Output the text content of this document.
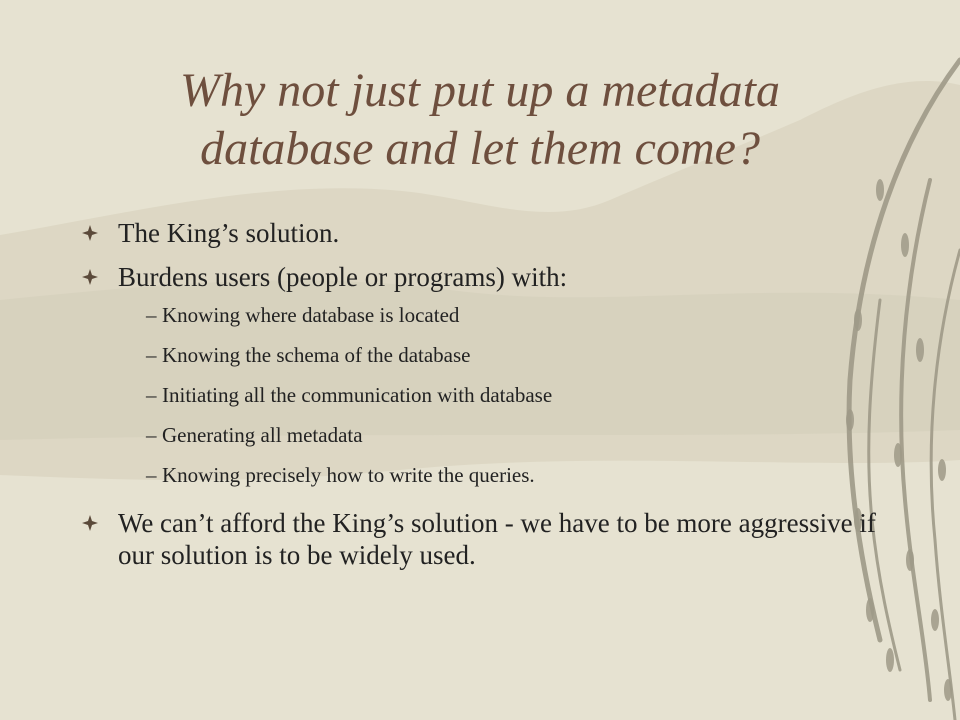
Why not just put up a metadata
database and let them come?
The King’s solution.
Burdens users (people or programs) with:
– Knowing where database is located
– Knowing the schema of the database
– Initiating all the communication with database
– Generating all metadata
– Knowing precisely how to write the queries.
We can’t afford the King’s solution - we have to be more aggressive if our solution is to be widely used.
